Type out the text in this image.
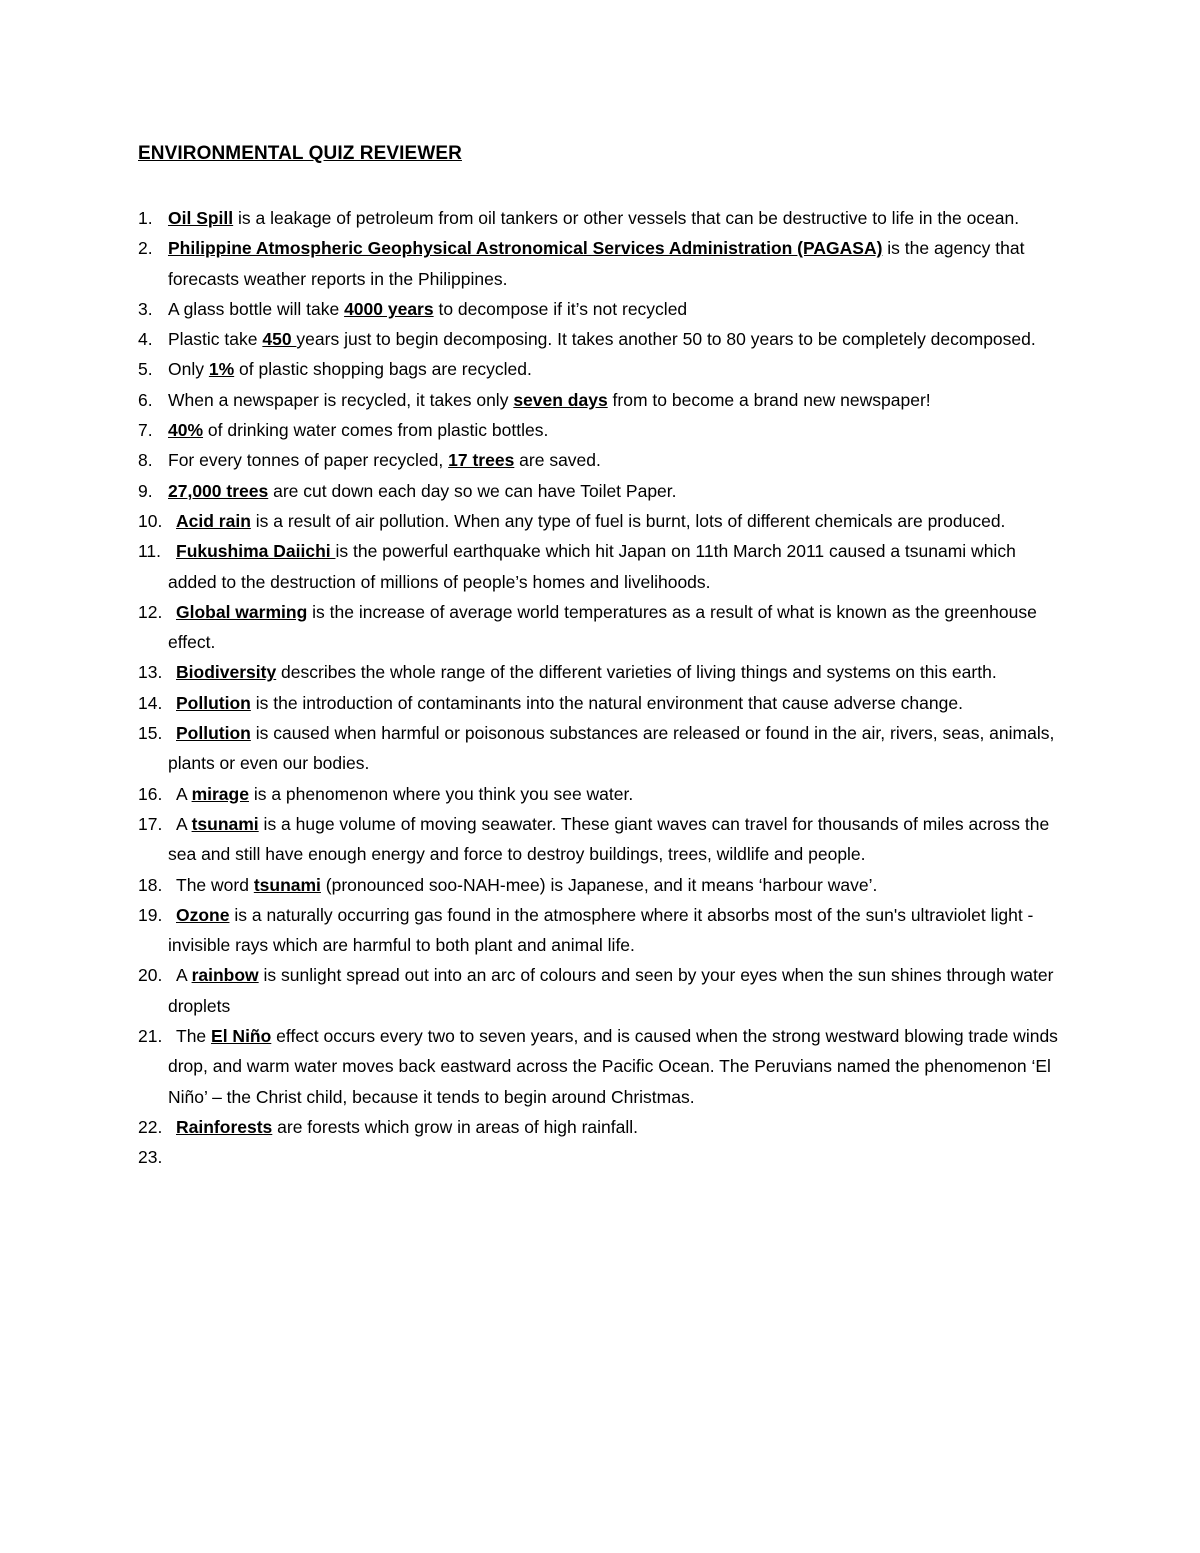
ENVIRONMENTAL QUIZ REVIEWER
1. Oil Spill is a leakage of petroleum from oil tankers or other vessels that can be destructive to life in the ocean.
2. Philippine Atmospheric Geophysical Astronomical Services Administration (PAGASA) is the agency that forecasts weather reports in the Philippines.
3. A glass bottle will take 4000 years to decompose if it’s not recycled
4. Plastic take 450 years just to begin decomposing. It takes another 50 to 80 years to be completely decomposed.
5. Only 1% of plastic shopping bags are recycled.
6. When a newspaper is recycled, it takes only seven days from to become a brand new newspaper!
7. 40% of drinking water comes from plastic bottles.
8. For every tonnes of paper recycled, 17 trees are saved.
9. 27,000 trees are cut down each day so we can have Toilet Paper.
10. Acid rain is a result of air pollution. When any type of fuel is burnt, lots of different chemicals are produced.
11. Fukushima Daiichi is the powerful earthquake which hit Japan on 11th March 2011 caused a tsunami which added to the destruction of millions of people’s homes and livelihoods.
12. Global warming is the increase of average world temperatures as a result of what is known as the greenhouse effect.
13. Biodiversity describes the whole range of the different varieties of living things and systems on this earth.
14. Pollution is the introduction of contaminants into the natural environment that cause adverse change.
15. Pollution is caused when harmful or poisonous substances are released or found in the air, rivers, seas, animals, plants or even our bodies.
16. A mirage is a phenomenon where you think you see water.
17. A tsunami is a huge volume of moving seawater. These giant waves can travel for thousands of miles across the sea and still have enough energy and force to destroy buildings, trees, wildlife and people.
18. The word tsunami (pronounced soo-NAH-mee) is Japanese, and it means ‘harbour wave’.
19. Ozone is a naturally occurring gas found in the atmosphere where it absorbs most of the sun's ultraviolet light - invisible rays which are harmful to both plant and animal life.
20. A rainbow is sunlight spread out into an arc of colours and seen by your eyes when the sun shines through water droplets
21. The El Niño effect occurs every two to seven years, and is caused when the strong westward blowing trade winds drop, and warm water moves back eastward across the Pacific Ocean. The Peruvians named the phenomenon ‘El Niño’ – the Christ child, because it tends to begin around Christmas.
22. Rainforests are forests which grow in areas of high rainfall.
23.
